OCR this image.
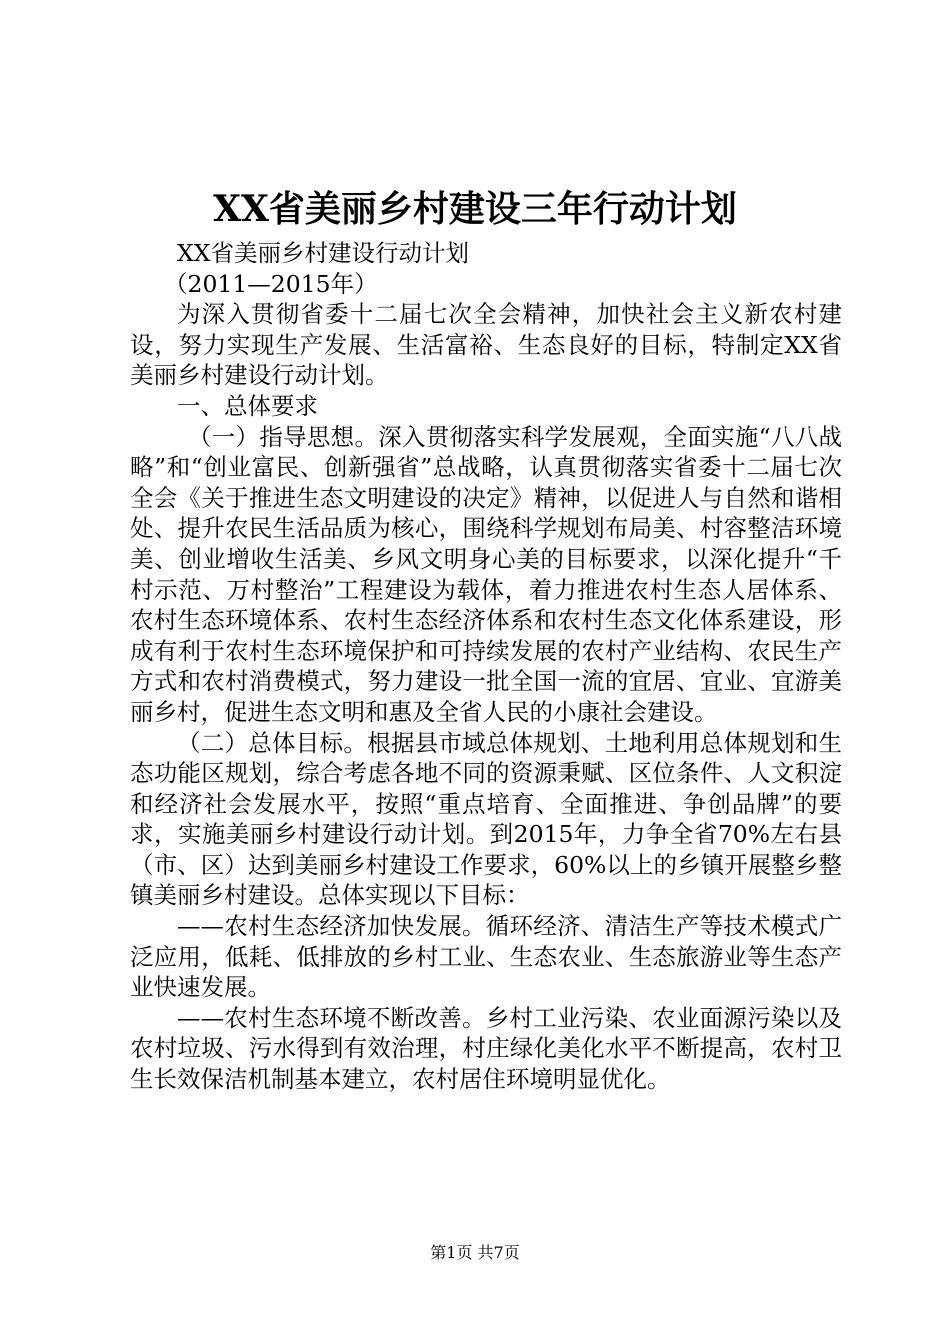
XX省美丽乡村建设三年行动计划

XX省美丽乡村建设行动计划

（2011—2015年）

为深入贯彻省委十二届七次全会精神，加快社会主义新农村建设，努力实现生产发展、生活富裕、生态良好的目标，特制定XX省美丽乡村建设行动计划。

一、总体要求

（一）指导思想。深入贯彻落实科学发展观，全面实施“八八战略”和“创业富民、创新强省”总战略，认真贯彻落实省委十二届七次全会《关于推进生态文明建设的决定》精神，以促进人与自然和谐相处、提升农民生活品质为核心，围绕科学规划布局美、村容整洁环境美、创业增收生活美、乡风文明身心美的目标要求，以深化提升“千村示范、万村整治”工程建设为载体，着力推进农村生态人居体系、农村生态环境体系、农村生态经济体系和农村生态文化体系建设，形成有利于农村生态环境保护和可持续发展的农村产业结构、农民生产方式和农村消费模式，努力建设一批全国一流的宜居、宜业、宜游美丽乡村，促进生态文明和惠及全省人民的小康社会建设。

（二）总体目标。根据县市域总体规划、土地利用总体规划和生态功能区规划，综合考虑各地不同的资源秉赋、区位条件、人文积淀和经济社会发展水平，按照“重点培育、全面推进、争创品牌”的要求，实施美丽乡村建设行动计划。到2015年，力争全省70%左右县（市、区）达到美丽乡村建设工作要求，60%以上的乡镇开展整乡整镇美丽乡村建设。总体实现以下目标：

——农村生态经济加快发展。循环经济、清洁生产等技术模式广泛应用，低耗、低排放的乡村工业、生态农业、生态旅游业等生态产业快速发展。

——农村生态环境不断改善。乡村工业污染、农业面源污染以及农村垃圾、污水得到有效治理，村庄绿化美化水平不断提高，农村卫生长效保洁机制基本建立，农村居住环境明显优化。

第1页 共7页
